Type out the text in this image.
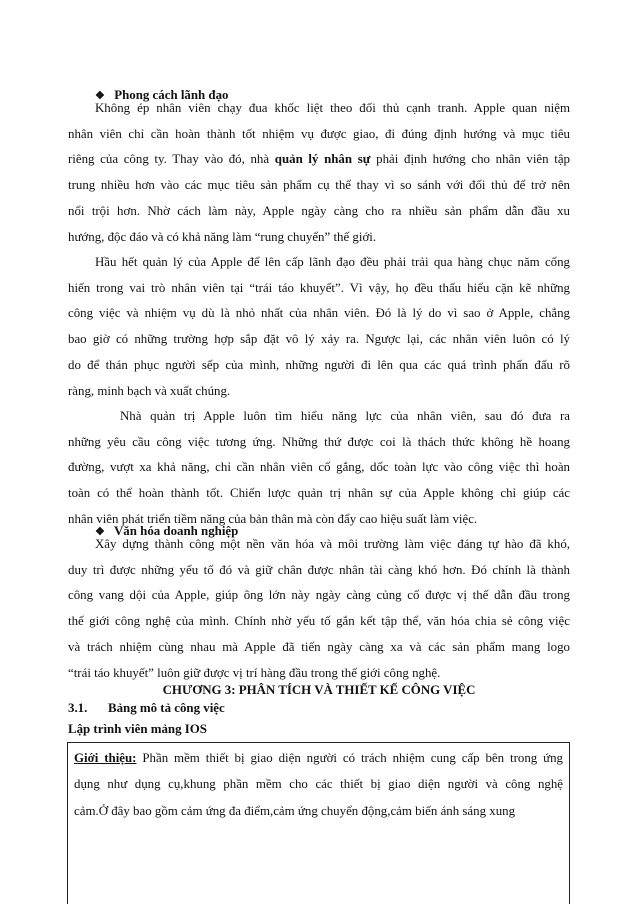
❖ Phong cách lãnh đạo
Không ép nhân viên chạy đua khốc liệt theo đối thủ cạnh tranh. Apple quan niệm
nhân viên chỉ cần hoàn thành tốt nhiệm vụ được giao, đi đúng định hướng và mục tiêu
riêng của công ty. Thay vào đó, nhà quản lý nhân sự phải định hướng cho nhân viên tập
trung nhiều hơn vào các mục tiêu sản phẩm cụ thể thay vì so sánh với đối thủ để trở nên
nổi trội hơn. Nhờ cách làm này, Apple ngày càng cho ra nhiều sản phẩm dẫn đầu xu
hướng, độc đáo và có khả năng làm “rung chuyển” thế giới.
Hầu hết quản lý của Apple để lên cấp lãnh đạo đều phải trải qua hàng chục năm cống
hiến trong vai trò nhân viên tại “trái táo khuyết”. Vì vậy, họ đều thấu hiểu cặn kẽ những
công việc và nhiệm vụ dù là nhỏ nhất của nhân viên. Đó là lý do vì sao ở Apple, chẳng
bao giờ có những trường hợp sắp đặt vô lý xảy ra. Ngược lại, các nhân viên luôn có lý
do để thán phục người sếp của mình, những người đi lên qua các quá trình phấn đấu rõ
ràng, minh bạch và xuất chúng.
Nhà quản trị Apple luôn tìm hiểu năng lực của nhân viên, sau đó đưa ra
những yêu cầu công việc tương ứng. Những thứ được coi là thách thức không hề hoang
đường, vượt xa khả năng, chỉ cần nhân viên cố gắng, dốc toàn lực vào công việc thì hoàn
toàn có thể hoàn thành tốt. Chiến lược quản trị nhân sự của Apple không chỉ giúp các
nhân viên phát triển tiềm năng của bản thân mà còn đẩy cao hiệu suất làm việc.
❖ Văn hóa doanh nghiệp
Xây dựng thành công một nền văn hóa và môi trường làm việc đáng tự hào đã khó,
duy trì được những yếu tố đó và giữ chân được nhân tài càng khó hơn. Đó chính là thành
công vang dội của Apple, giúp ông lớn này ngày càng củng cố được vị thế dẫn đầu trong
thế giới công nghệ của mình. Chính nhờ yếu tố gắn kết tập thể, văn hóa chia sẻ công việc
và trách nhiệm cùng nhau mà Apple đã tiến ngày càng xa và các sản phẩm mang logo
“trái táo khuyết” luôn giữ được vị trí hàng đầu trong thế giới công nghệ.
CHƯƠNG 3: PHÂN TÍCH VÀ THIẾT KẾ CÔNG VIỆC
3.1. Bảng mô tả công việc
Lập trình viên mảng IOS
Giới thiệu: Phần mềm thiết bị giao diện người có trách nhiệm cung cấp bên trong ứng
dụng như dụng cụ,khung phần mềm cho các thiết bị giao diện người và công nghệ
cảm.Ở đây bao gồm cảm ứng đa điểm,cảm ứng chuyển động,cảm biến ánh sáng xung
